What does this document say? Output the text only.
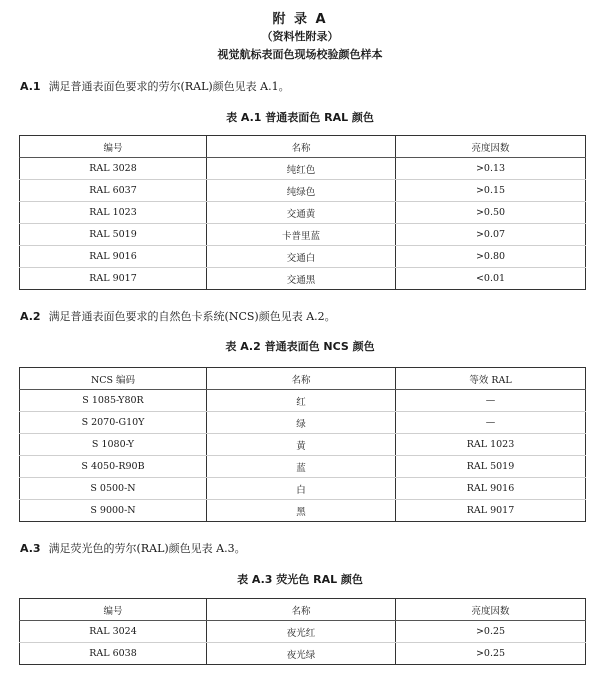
附 录 A
（资料性附录）
视觉航标表面色现场校验颜色样本
A.1 满足普通表面色要求的劳尔(RAL)颜色见表 A.1。
表 A.1 普通表面色 RAL 颜色
编号	名称	亮度因数
RAL 3028	纯红色	>0.13
RAL 6037	纯绿色	>0.15
RAL 1023	交通黄	>0.50
RAL 5019	卡普里蓝	>0.07
RAL 9016	交通白	>0.80
RAL 9017	交通黑	<0.01
A.2 满足普通表面色要求的自然色卡系统(NCS)颜色见表 A.2。
表 A.2 普通表面色 NCS 颜色
NCS 编码	名称	等效 RAL
S 1085-Y80R	红	—
S 2070-G10Y	绿	—
S 1080-Y	黄	RAL 1023
S 4050-R90B	蓝	RAL 5019
S 0500-N	白	RAL 9016
S 9000-N	黑	RAL 9017
A.3 满足荧光色的劳尔(RAL)颜色见表 A.3。
表 A.3 荧光色 RAL 颜色
编号	名称	亮度因数
RAL 3024	夜光红	>0.25
RAL 6038	夜光绿	>0.25
